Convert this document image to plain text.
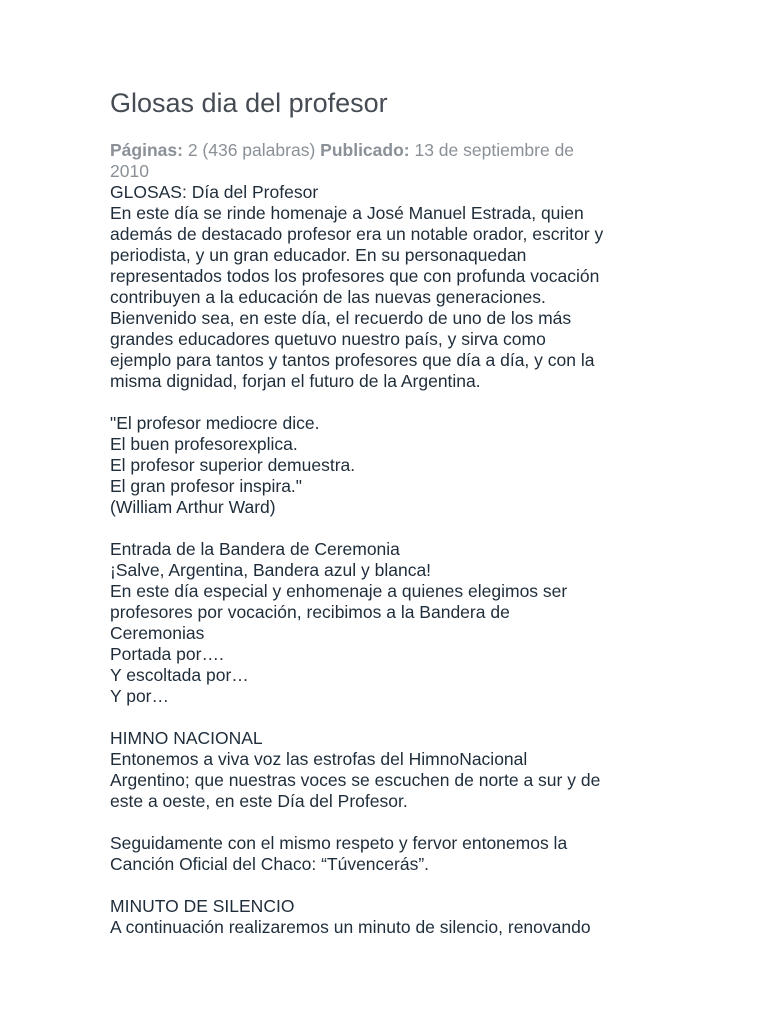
Glosas dia del profesor
Páginas: 2 (436 palabras) Publicado: 13 de septiembre de
2010
GLOSAS: Día del Profesor
En este día se rinde homenaje a José Manuel Estrada, quien
además de destacado profesor era un notable orador, escritor y
periodista, y un gran educador. En su personaquedan
representados todos los profesores que con profunda vocación
contribuyen a la educación de las nuevas generaciones.
Bienvenido sea, en este día, el recuerdo de uno de los más
grandes educadores quetuvo nuestro país, y sirva como
ejemplo para tantos y tantos profesores que día a día, y con la
misma dignidad, forjan el futuro de la Argentina.
"El profesor mediocre dice.
El buen profesorexplica.
El profesor superior demuestra.
El gran profesor inspira."
(William Arthur Ward)
Entrada de la Bandera de Ceremonia
¡Salve, Argentina, Bandera azul y blanca!
En este día especial y enhomenaje a quienes elegimos ser
profesores por vocación, recibimos a la Bandera de
Ceremonias
Portada por….
Y escoltada por…
Y por…
HIMNO NACIONAL
Entonemos a viva voz las estrofas del HimnoNacional
Argentino; que nuestras voces se escuchen de norte a sur y de
este a oeste, en este Día del Profesor.
Seguidamente con el mismo respeto y fervor entonemos la
Canción Oficial del Chaco: “Túvencerás”.
MINUTO DE SILENCIO
A continuación realizaremos un minuto de silencio, renovando
